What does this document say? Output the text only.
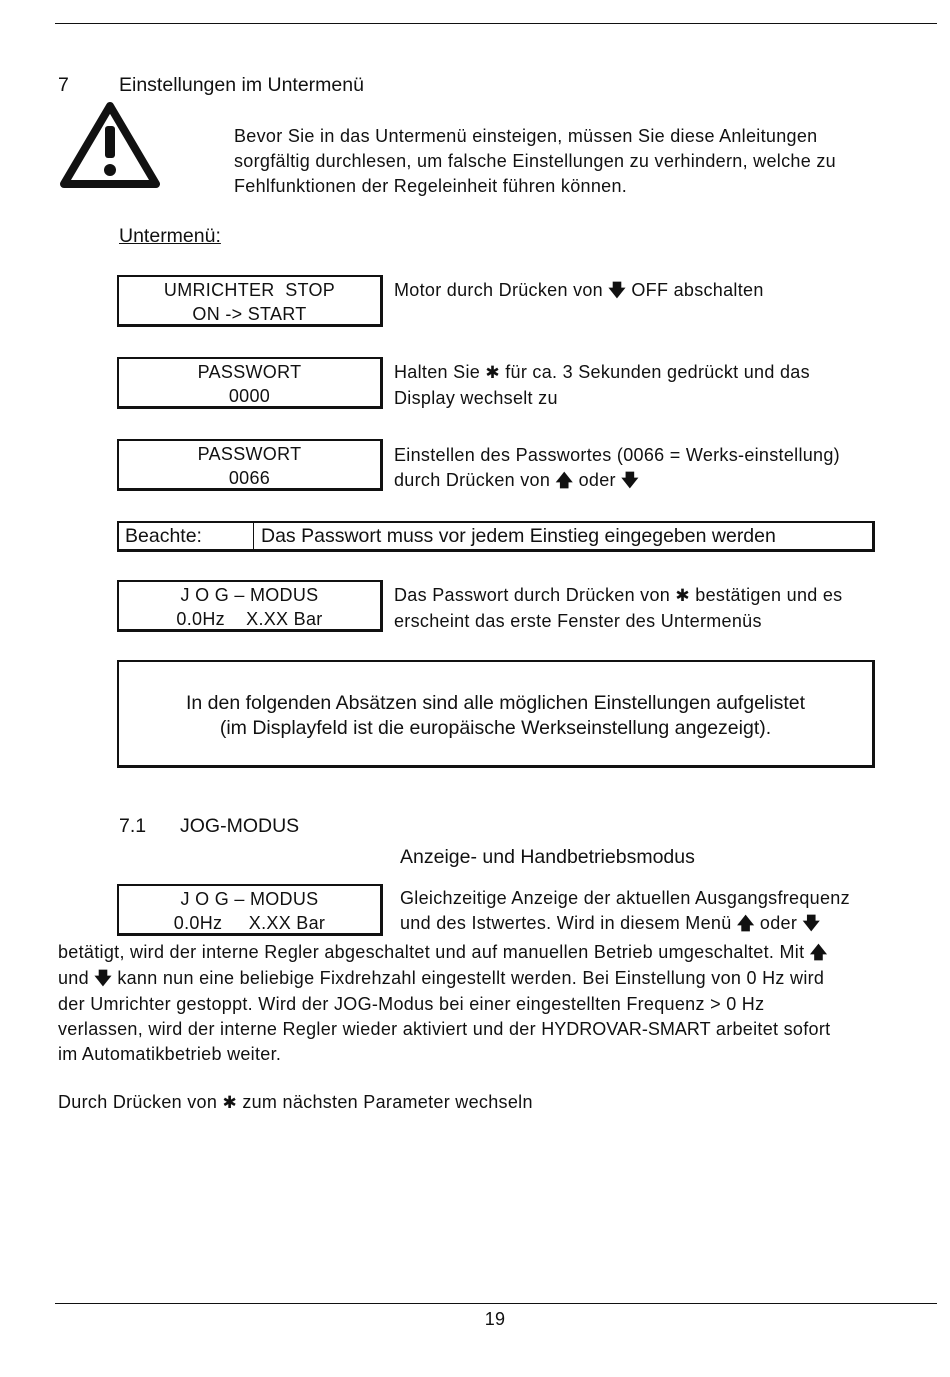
7	Einstellungen im Untermenü
Bevor Sie in das Untermenü einsteigen, müssen Sie diese Anleitungen
sorgfältig durchlesen, um falsche Einstellungen zu verhindern, welche zu
Fehlfunktionen der Regeleinheit führen können.
Untermenü:
UMRICHTER  STOP
ON -> START
Motor durch Drücken von 🡇 OFF abschalten
PASSWORT
0000
Halten Sie ✱ für ca. 3 Sekunden gedrückt und das
Display wechselt zu
PASSWORT
0066
Einstellen des Passwortes (0066 = Werks-einstellung)
durch Drücken von 🡅 oder 🡇
Beachte:	Das Passwort muss vor jedem Einstieg eingegeben werden
J O G – MODUS
0.0Hz    X.XX Bar
Das Passwort durch Drücken von ✱ bestätigen und es
erscheint das erste Fenster des Untermenüs
In den folgenden Absätzen sind alle möglichen Einstellungen aufgelistet
(im Displayfeld ist die europäische Werkseinstellung angezeigt).
7.1 JOG-MODUS
Anzeige- und Handbetriebsmodus
J O G – MODUS
0.0Hz     X.XX Bar
Gleichzeitige Anzeige der aktuellen Ausgangsfrequenz
und des Istwertes. Wird in diesem Menü 🡅 oder 🡇
betätigt, wird der interne Regler abgeschaltet und auf manuellen Betrieb umgeschaltet. Mit 🡅
und 🡇 kann nun eine beliebige Fixdrehzahl eingestellt werden. Bei Einstellung von 0 Hz wird
der Umrichter gestoppt. Wird der JOG-Modus bei einer eingestellten Frequenz > 0 Hz
verlassen, wird der interne Regler wieder aktiviert und der HYDROVAR-SMART arbeitet sofort
im Automatikbetrieb weiter.
Durch Drücken von ✱ zum nächsten Parameter wechseln
19
